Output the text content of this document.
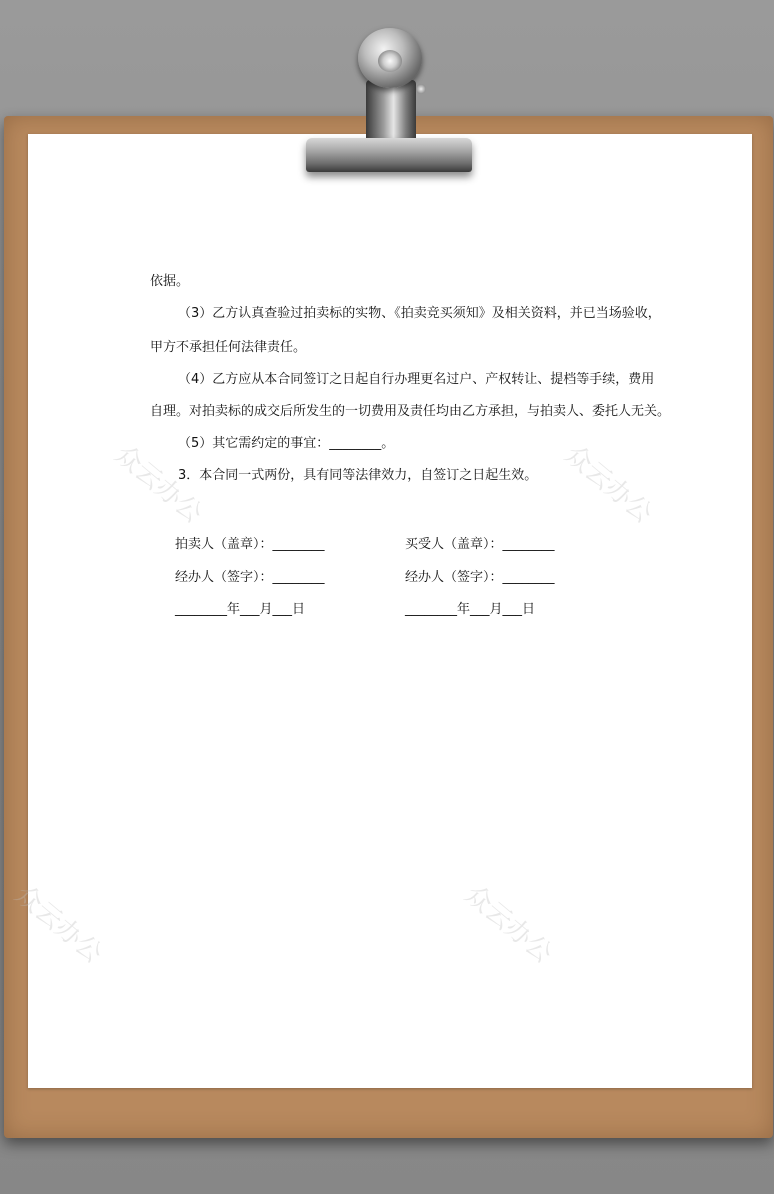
众云办公	众云办公
众云办公	众云办公
依据。
（3）乙方认真查验过拍卖标的实物、《拍卖竞买须知》及相关资料，并已当场验收，
甲方不承担任何法律责任。
（4）乙方应从本合同签订之日起自行办理更名过户、产权转让、提档等手续，费用
自理。对拍卖标的成交后所发生的一切费用及责任均由乙方承担，与拍卖人、委托人无关。
（5）其它需约定的事宜：________。
3．本合同一式两份，具有同等法律效力，自签订之日起生效。
拍卖人（盖章）：________
经办人（签字）：________
________年___月___日
买受人（盖章）：________
经办人（签字）：________
________年___月___日
